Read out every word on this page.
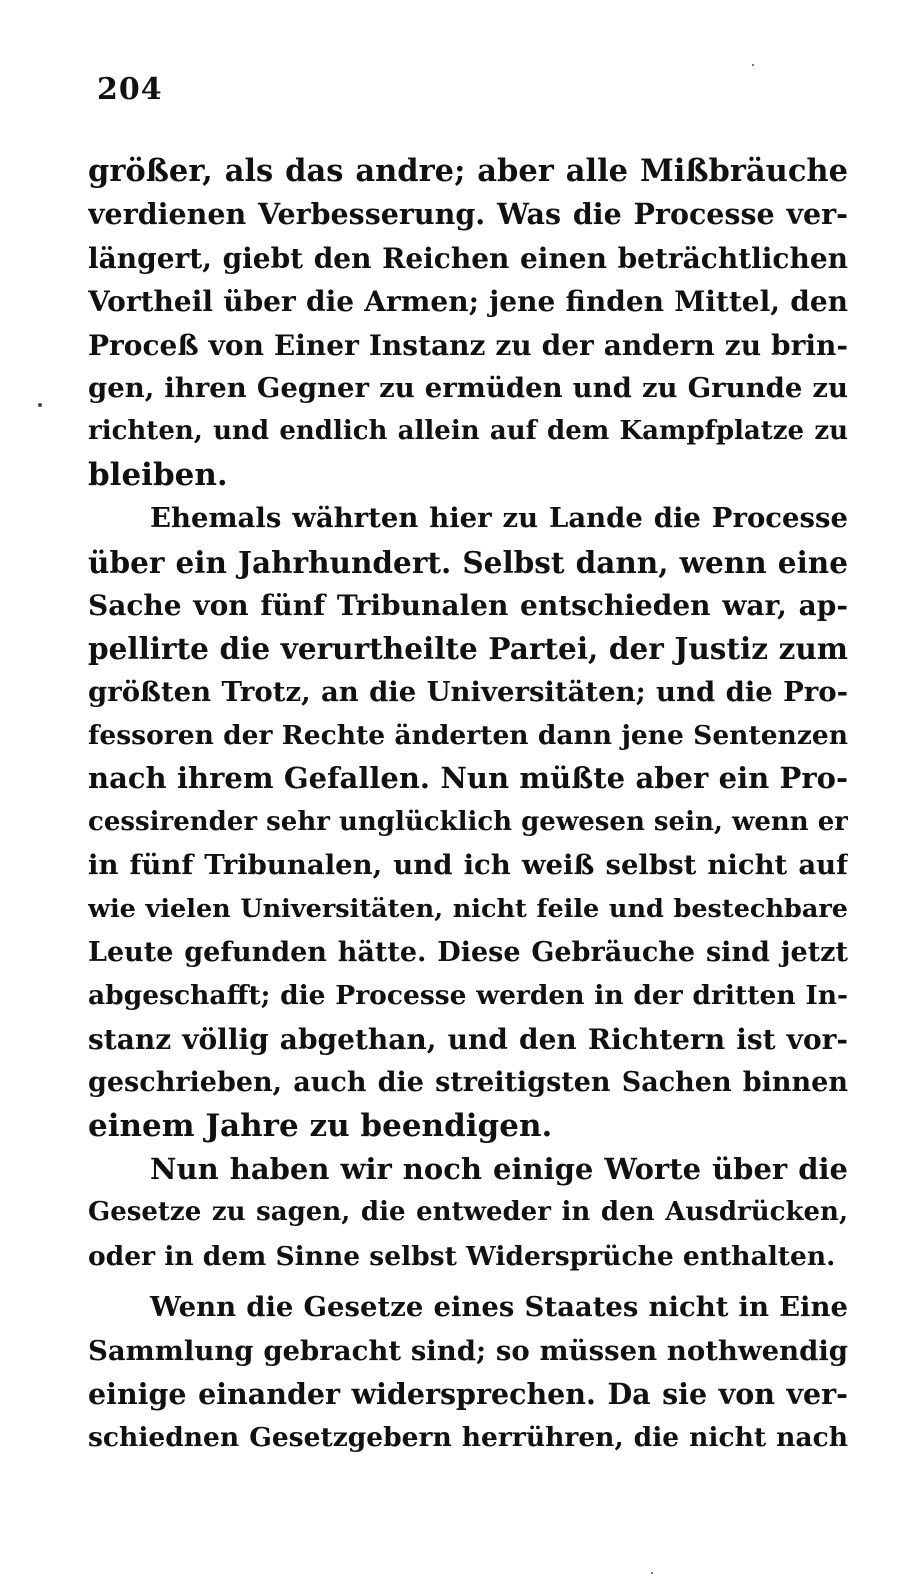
204
größer, als das andre; aber alle Mißbräuche
verdienen Verbesserung. Was die Processe ver-
längert, giebt den Reichen einen beträchtlichen
Vortheil über die Armen; jene finden Mittel, den
Proceß von Einer Instanz zu der andern zu brin-
gen, ihren Gegner zu ermüden und zu Grunde zu
richten, und endlich allein auf dem Kampfplatze zu
bleiben.
Ehemals währten hier zu Lande die Processe
über ein Jahrhundert. Selbst dann, wenn eine
Sache von fünf Tribunalen entschieden war, ap-
pellirte die verurtheilte Partei, der Justiz zum
größten Trotz, an die Universitäten; und die Pro-
fessoren der Rechte änderten dann jene Sentenzen
nach ihrem Gefallen. Nun müßte aber ein Pro-
cessirender sehr unglücklich gewesen sein, wenn er
in fünf Tribunalen, und ich weiß selbst nicht auf
wie vielen Universitäten, nicht feile und bestechbare
Leute gefunden hätte. Diese Gebräuche sind jetzt
abgeschafft; die Processe werden in der dritten In-
stanz völlig abgethan, und den Richtern ist vor-
geschrieben, auch die streitigsten Sachen binnen
einem Jahre zu beendigen.
Nun haben wir noch einige Worte über die
Gesetze zu sagen, die entweder in den Ausdrücken,
oder in dem Sinne selbst Widersprüche enthalten.
Wenn die Gesetze eines Staates nicht in Eine
Sammlung gebracht sind; so müssen nothwendig
einige einander widersprechen. Da sie von ver-
schiednen Gesetzgebern herrühren, die nicht nach
